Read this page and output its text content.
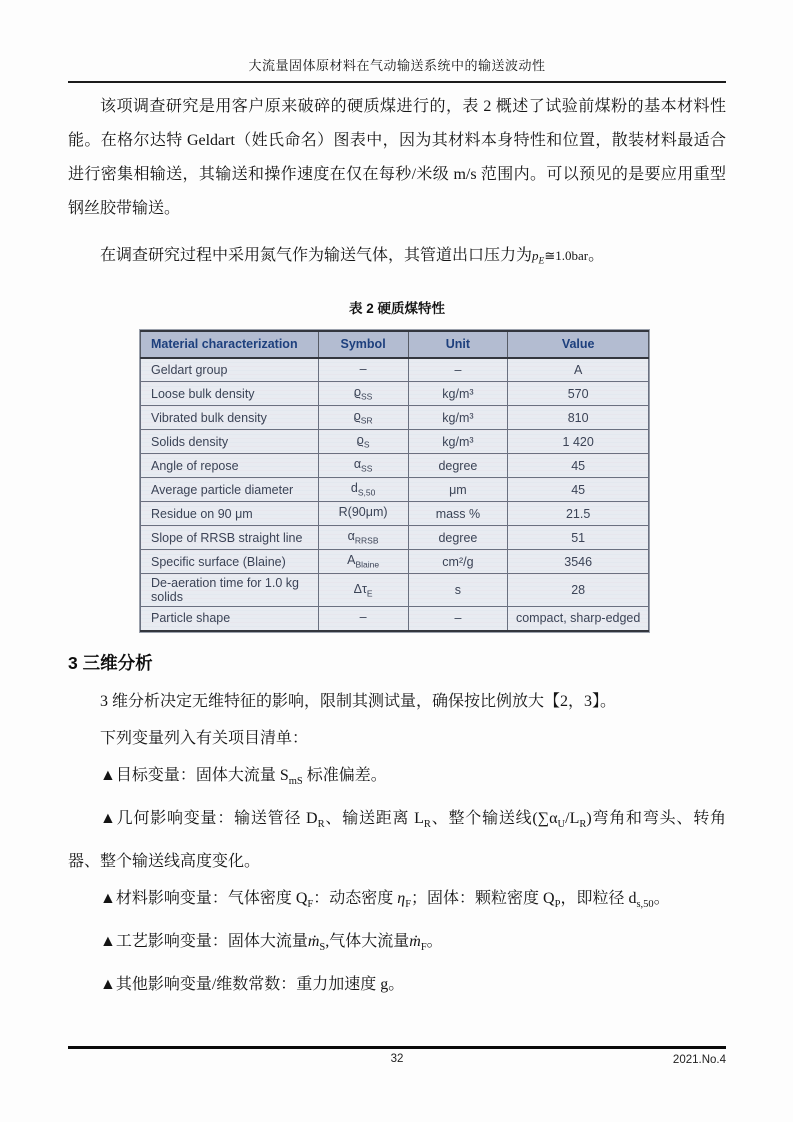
大流量固体原材料在气动输送系统中的输送波动性

该项调查研究是用客户原来破碎的硬质煤进行的，表 2 概述了试验前煤粉的基本材料性能。在格尔达特 Geldart（姓氏命名）图表中，因为其材料本身特性和位置，散装材料最适合进行密集相输送，其输送和操作速度在仅在每秒/米级 m/s 范围内。可以预见的是要应用重型钢丝胶带输送。

在调查研究过程中采用氮气作为输送气体，其管道出口压力为$p_E≅1.0bar$。

表 2 硬质煤特性
Material characterization	Symbol	Unit	Value
Geldart group	–	–	A
Loose bulk density	$ϱ_{SS}$	kg/m³	570
Vibrated bulk density	$ϱ_{SR}$	kg/m³	810
Solids density	$ϱ_S$	kg/m³	1 420
Angle of repose	$\alpha_{SS}$	degree	45
Average particle diameter	$d_{S,50}$	μm	45
Residue on 90 μm	R(90μm)	mass %	21.5
Slope of RRSB straight line	$\alpha_{RRSB}$	degree	51
Specific surface (Blaine)	$A_{Blaine}$	cm²/g	3546
De-aeration time for 1.0 kg solids	$\Delta\tau_E$	s	28
Particle shape	–	–	compact, sharp-edged
3 三维分析

3 维分析决定无维特征的影响，限制其测试量，确保按比例放大【2，3】。

下列变量列入有关项目清单：

▲目标变量：固体大流量 $S_{mS}$ 标准偏差。

▲几何影响变量：输送管径 $D_R$、输送距离 $L_R$、整个输送线$(\sum\alpha_U/L_R)$弯角和弯头、转角器、整个输送线高度变化。

▲材料影响变量：气体密度 $Q_F$：动态密度 $\eta_F$；固体：颗粒密度 $Q_P$，即粒径 $d_{s,50}$。

▲工艺影响变量：固体大流量ṁ$_S$,气体大流量ṁ$_F$。

▲其他影响变量/维数常数：重力加速度 g。

32	2021.No.4
